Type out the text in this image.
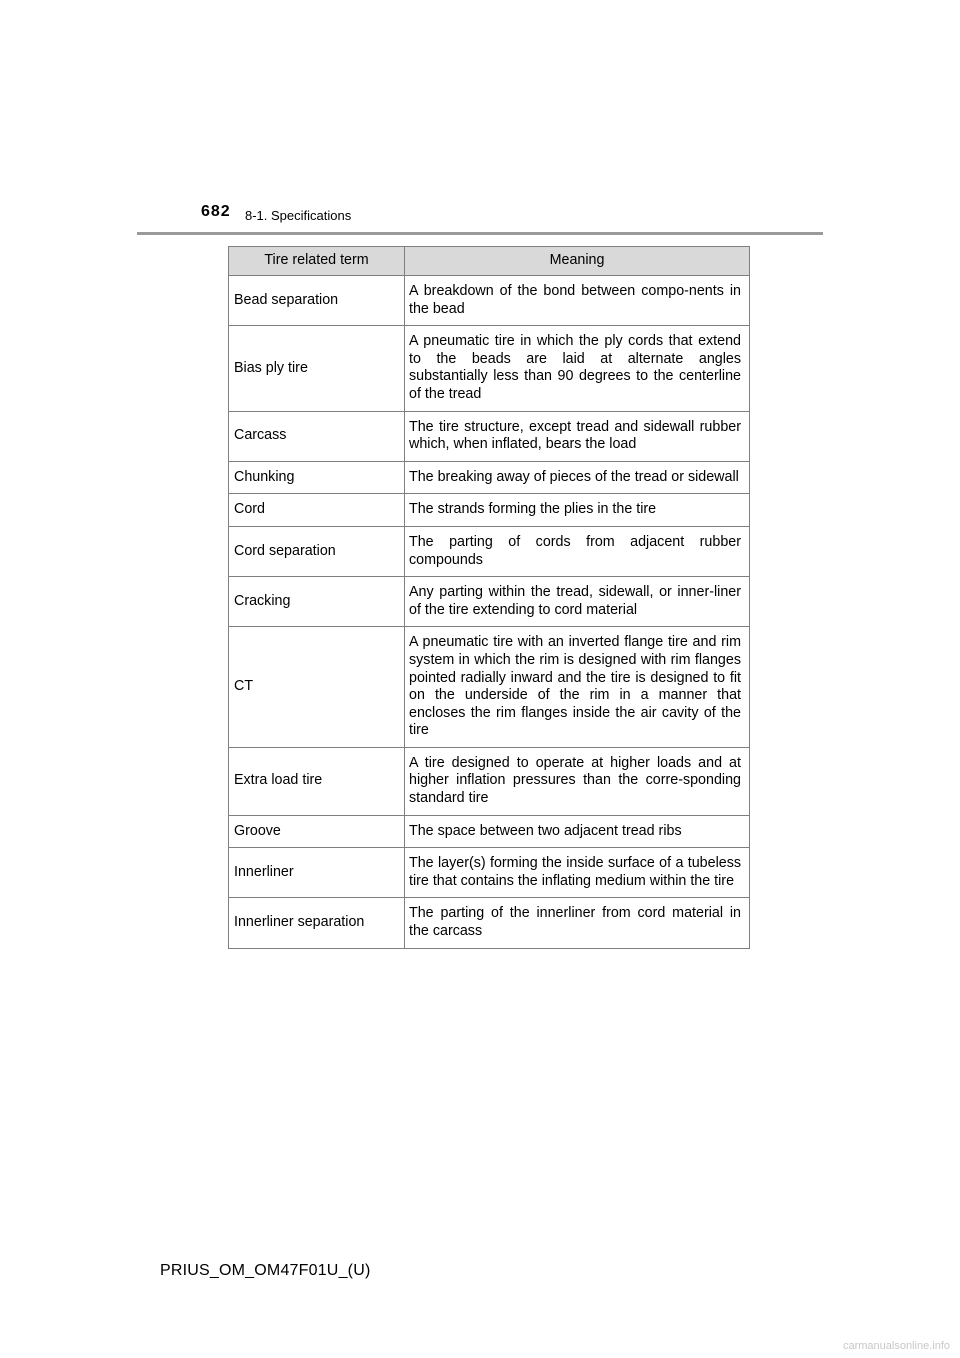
682 8-1. Specifications
Tire related term	Meaning
Bead separation	A breakdown of the bond between compo-nents in the bead
Bias ply tire	A pneumatic tire in which the ply cords that extend to the beads are laid at alternate angles substantially less than 90 degrees to the centerline of the tread
Carcass	The tire structure, except tread and sidewall rubber which, when inflated, bears the load
Chunking	The breaking away of pieces of the tread or sidewall
Cord	The strands forming the plies in the tire
Cord separation	The parting of cords from adjacent rubber compounds
Cracking	Any parting within the tread, sidewall, or inner-liner of the tire extending to cord material
CT	A pneumatic tire with an inverted flange tire and rim system in which the rim is designed with rim flanges pointed radially inward and the tire is designed to fit on the underside of the rim in a manner that encloses the rim flanges inside the air cavity of the tire
Extra load tire	A tire designed to operate at higher loads and at higher inflation pressures than the corre-sponding standard tire
Groove	The space between two adjacent tread ribs
Innerliner	The layer(s) forming the inside surface of a tubeless tire that contains the inflating medium within the tire
Innerliner separation	The parting of the innerliner from cord material in the carcass
PRIUS_OM_OM47F01U_(U)
carmanualsonline.info
